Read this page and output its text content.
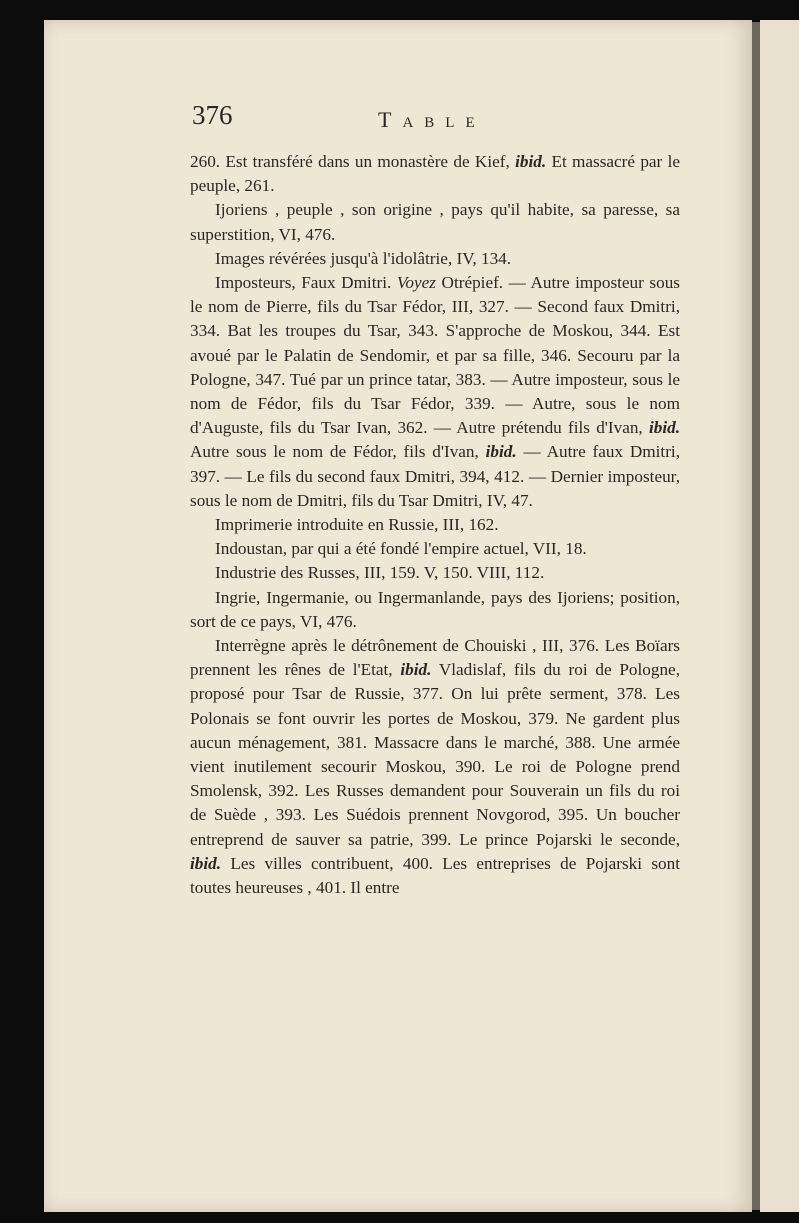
376	Table

260. Est transféré dans un monastère de Kief, ibid. Et massacré par le peuple, 261.

Ijoriens , peuple , son origine , pays qu'il habite, sa paresse, sa superstition, VI, 476.

Images révérées jusqu'à l'idolâtrie, IV, 134.

Imposteurs, Faux Dmitri. Voyez Otrépief. — Autre imposteur sous le nom de Pierre, fils du Tsar Fédor, III, 327. — Second faux Dmitri, 334. Bat les troupes du Tsar, 343. S'approche de Moskou, 344. Est avoué par le Palatin de Sendomir, et par sa fille, 346. Secouru par la Pologne, 347. Tué par un prince tatar, 383. — Autre imposteur, sous le nom de Fédor, fils du Tsar Fédor, 339. — Autre, sous le nom d'Auguste, fils du Tsar Ivan, 362. — Autre prétendu fils d'Ivan, ibid. Autre sous le nom de Fédor, fils d'Ivan, ibid. — Autre faux Dmitri, 397. — Le fils du second faux Dmitri, 394, 412. — Dernier imposteur, sous le nom de Dmitri, fils du Tsar Dmitri, IV, 47.

Imprimerie introduite en Russie, III, 162.

Indoustan, par qui a été fondé l'empire actuel, VII, 18.

Industrie des Russes, III, 159. V, 150. VIII, 112.

Ingrie, Ingermanie, ou Ingermanlande, pays des Ijoriens; position, sort de ce pays, VI, 476.

Interrègne après le détrônement de Chouiski , III, 376. Les Boïars prennent les rênes de l'Etat, ibid. Vladislaf, fils du roi de Pologne, proposé pour Tsar de Russie, 377. On lui prête serment, 378. Les Polonais se font ouvrir les portes de Moskou, 379. Ne gardent plus aucun ménagement, 381. Massacre dans le marché, 388. Une armée vient inutilement secourir Moskou, 390. Le roi de Pologne prend Smolensk, 392. Les Russes demandent pour Souverain un fils du roi de Suède , 393. Les Suédois prennent Novgorod, 395. Un boucher entreprend de sauver sa patrie, 399. Le prince Pojarski le seconde, ibid. Les villes contribuent, 400. Les entreprises de Pojarski sont toutes heureuses , 401. Il entre
